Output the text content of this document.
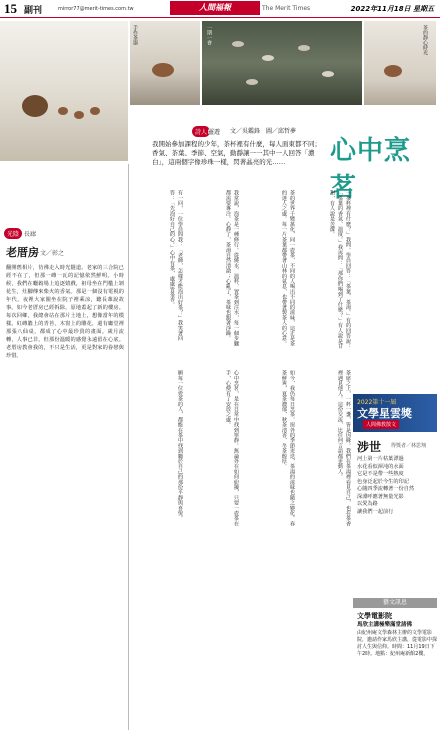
15 副刊	mirror77@merit-times.com.tw	人間福報	The Merit Times	2022年11月18日 星期五
手作茶器	一期一會	茶的靜心時光
詩人 靈遊 文／吳鑑鋒　圖／邱哲夢
心中烹茗

我開始參加課程的少年，茶杯裡有什麼，每人面東都不同；香氣、茶葉、季節、空氣，動靜讓一一其中一人回答「濃白」，這兩個字像珍珠一樣，閃著晶亮的光……

光陰 長廊
老厝房 文／彰之

翻開舊相片，彷彿走入時光隧道。老家的三合院已經不在了，但那一磚一瓦的記憶依然鮮明。小時候，我們在曬穀場上追逐嬉戲，祖母坐在門檻上剝花生，灶腳傳來柴火的香氣。那是一個沒有電視的年代，夜裡大家圍坐在院子裡乘涼，聽長輩說故事。如今老厝房已經拆除，原地蓋起了新的樓房。每次回鄉，我總會站在那片土地上，想像當年的模樣。紅磚牆上的青苔，木窗上的雕花，還有廳堂裡那張八仙桌，都成了心中最珍貴的畫面。歲月流轉，人事已非，但那份溫暖的感覺永遠留在心底。老厝房教會我的，不只是生活，更是對家的眷戀與珍惜。

一茶杯裡有什麼？」我問。學員回答：「茶葉、茶湯。」有的回答說：「茶葉的香氣、溫度。」我再問：「那你們喝到了什麼？」有人說是甘甜，有人說是苦澀。

茶的世界千變萬化，同一壺茶，不同的人喝出不同的滋味，這正是茶的迷人之處。每一片茶葉都帶著山林的氣息，也帶著製茶人的心意。

我常說，泡茶是一種修行。從燒水、溫杯、置茶到注水，每一個步驟都需要專注。心靜了，茶湯自然清澈；心亂了，茶味也跟著浮躁。

有一回，一位學員問我：「老師，怎樣才能泡出好茶？」我笑著回答：「先泡好自己的心。」心中有茶，處處皆茶香。

茶席之上，一杯一盞，皆是因緣。我們在茶湯裡看見自己，也在茶香裡遇見他人。這份交流，比任何言語都更動人。

如今，我仍每日烹茶。窗外的季節更迭，茶湯的滋味也隨之變化。春茶鮮爽，夏茶濃郁，秋茶清香，冬茶醇厚。

心中烹茗，是在日常中找到寧靜。無論外在如何紛擾，只要一壺茶在手，心便有了安放之處。

願每一位愛茶的人，都能在茶中找到屬於自己的那份平靜與喜悅。	2022第十一屆
文學星雲獎
人間佛教散文
涉世 得獎者／林思翔
河上第一片枯葉漂過
水花看似渾沌的水面
它是不是帶一些熱度
色身泛起於今生的印記
心隨四季流轉著一份自然
深淵呼應著無量光影
以愛為路
讓我們一起前行
藝文訊息
文學電影院
馬欣主講極樂滿堂諸佛

由紀州庵文學森林主辦的文學電影院，邀請作家馬欣主講，從電影中探討人生與信仰。時間：11月19日下午2時。地點：紀州庵新館2樓。
